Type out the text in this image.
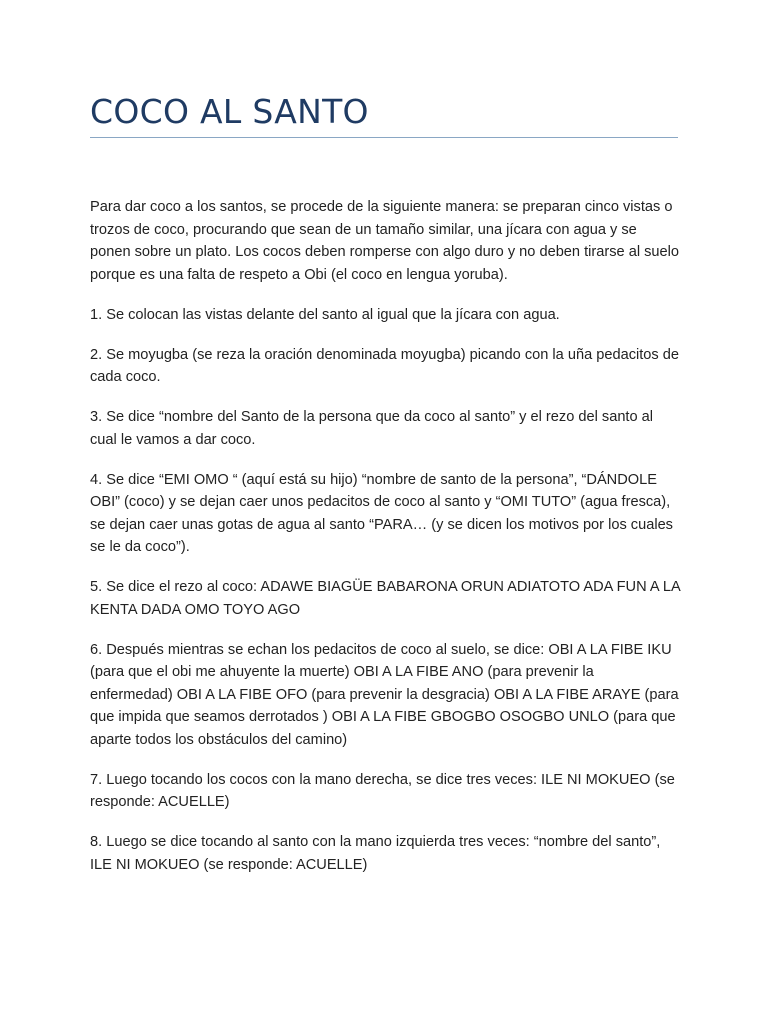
COCO AL SANTO

Para dar coco a los santos, se procede de la siguiente manera: se preparan cinco vistas o trozos de coco, procurando que sean de un tamaño similar, una jícara con agua y se ponen sobre un plato. Los cocos deben romperse con algo duro y no deben tirarse al suelo porque es una falta de respeto a Obi (el coco en lengua yoruba).

1. Se colocan las vistas delante del santo al igual que la jícara con agua.

2. Se moyugba (se reza la oración denominada moyugba) picando con la uña pedacitos de cada coco.

3. Se dice “nombre del Santo de la persona que da coco al santo” y el rezo del santo al cual le vamos a dar coco.

4. Se dice “EMI OMO “ (aquí está su hijo) “nombre de santo de la persona”, “DÁNDOLE OBI” (coco) y se dejan caer unos pedacitos de coco al santo y “OMI TUTO” (agua fresca), se dejan caer unas gotas de agua al santo “PARA… (y se dicen los motivos por los cuales se le da coco”).

5. Se dice el rezo al coco: ADAWE BIAGÜE BABARONA ORUN ADIATOTO ADA FUN A LA KENTA DADA OMO TOYO AGO

6. Después mientras se echan los pedacitos de coco al suelo, se dice: OBI A LA FIBE IKU (para que el obi me ahuyente la muerte) OBI A LA FIBE ANO (para prevenir la enfermedad) OBI A LA FIBE OFO (para prevenir la desgracia) OBI A LA FIBE ARAYE (para que impida que seamos derrotados ) OBI A LA FIBE GBOGBO OSOGBO UNLO (para que aparte todos los obstáculos del camino)

7. Luego tocando los cocos con la mano derecha, se dice tres veces: ILE NI MOKUEO (se responde: ACUELLE)

8. Luego se dice tocando al santo con la mano izquierda tres veces: “nombre del santo”, ILE NI MOKUEO (se responde: ACUELLE)
